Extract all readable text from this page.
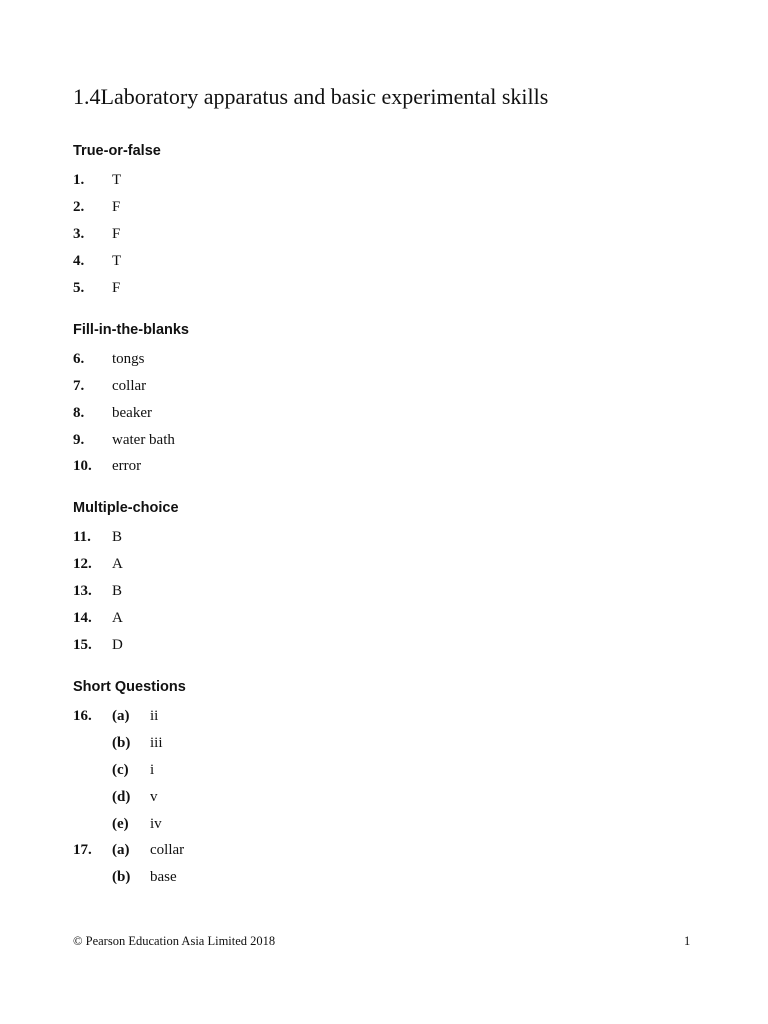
1.4Laboratory apparatus and basic experimental skills
True-or-false
1. T
2. F
3. F
4. T
5. F
Fill-in-the-blanks
6. tongs
7. collar
8. beaker
9. water bath
10. error
Multiple-choice
11. B
12. A
13. B
14. A
15. D
Short Questions
16. (a) ii
(b) iii
(c) i
(d) v
(e) iv
17. (a) collar
(b) base
© Pearson Education Asia Limited 2018	1
